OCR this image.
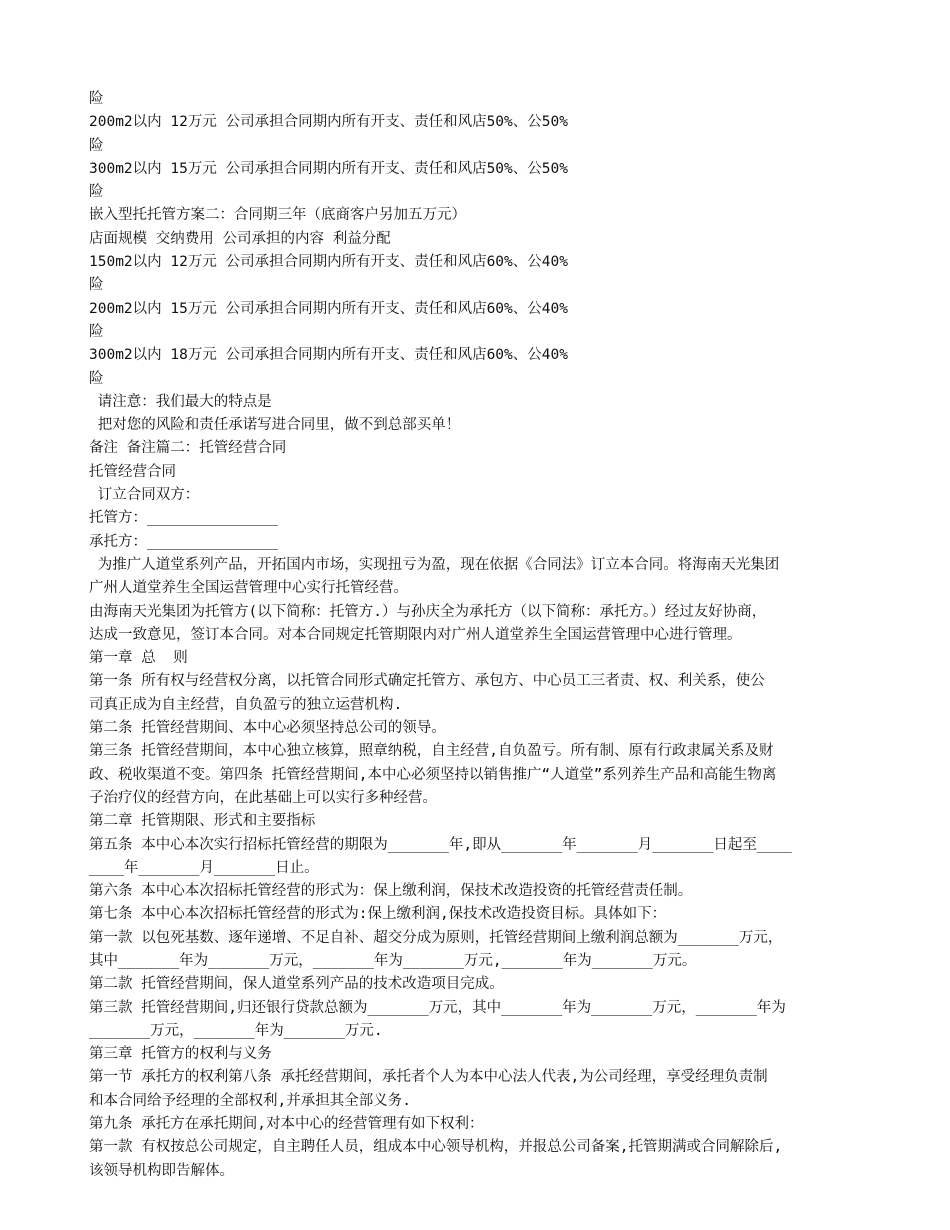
险
200m2以内 12万元 公司承担合同期内所有开支、责任和风店50%、公50%
险
300m2以内 15万元 公司承担合同期内所有开支、责任和风店50%、公50%
险
嵌入型托托管方案二：合同期三年（底商客户另加五万元）
店面规模 交纳费用 公司承担的内容 利益分配
150m2以内 12万元 公司承担合同期内所有开支、责任和风店60%、公40%
险
200m2以内 15万元 公司承担合同期内所有开支、责任和风店60%、公40%
险
300m2以内 18万元 公司承担合同期内所有开支、责任和风店60%、公40%
险
请注意：我们最大的特点是
把对您的风险和责任承诺写进合同里，做不到总部买单！
备注 备注篇二：托管经营合同
托管经营合同
订立合同双方：
托管方：_______________
承托方：_______________
为推广人道堂系列产品，开拓国内市场，实现扭亏为盈，现在依据《合同法》订立本合同。将海南天光集团
广州人道堂养生全国运营管理中心实行托管经营。
由海南天光集团为托管方(以下简称：托管方.）与孙庆全为承托方（以下简称：承托方。）经过友好协商，
达成一致意见，签订本合同。对本合同规定托管期限内对广州人道堂养生全国运营管理中心进行管理。
第一章 总  则
第一条 所有权与经营权分离，以托管合同形式确定托管方、承包方、中心员工三者责、权、利关系，使公
司真正成为自主经营，自负盈亏的独立运营机构.
第二条 托管经营期间、本中心必须坚持总公司的领导。
第三条 托管经营期间，本中心独立核算，照章纳税，自主经营,自负盈亏。所有制、原有行政隶属关系及财
政、税收渠道不变。第四条 托管经营期间,本中心必须坚持以销售推广“人道堂”系列养生产品和高能生物离
子治疗仪的经营方向，在此基础上可以实行多种经营。
第二章 托管期限、形式和主要指标
第五条 本中心本次实行招标托管经营的期限为_______年,即从_______年_______月_______日起至____
____年_______月_______日止。
第六条 本中心本次招标托管经营的形式为：保上缴利润，保技术改造投资的托管经营责任制。
第七条 本中心本次招标托管经营的形式为:保上缴利润,保技术改造投资目标。具体如下：
第一款 以包死基数、逐年递增、不足自补、超交分成为原则，托管经营期间上缴利润总额为_______万元，
其中_______年为_______万元，_______年为_______万元,_______年为_______万元。
第二款 托管经营期间，保人道堂系列产品的技术改造项目完成。
第三款 托管经营期间,归还银行贷款总额为_______万元，其中_______年为_______万元，_______年为
_______万元，_______年为_______万元.
第三章 托管方的权利与义务
第一节 承托方的权利第八条 承托经营期间，承托者个人为本中心法人代表,为公司经理，享受经理负责制
和本合同给予经理的全部权利,并承担其全部义务.
第九条 承托方在承托期间,对本中心的经营管理有如下权利：
第一款 有权按总公司规定，自主聘任人员，组成本中心领导机构，并报总公司备案,托管期满或合同解除后,
该领导机构即告解体。
